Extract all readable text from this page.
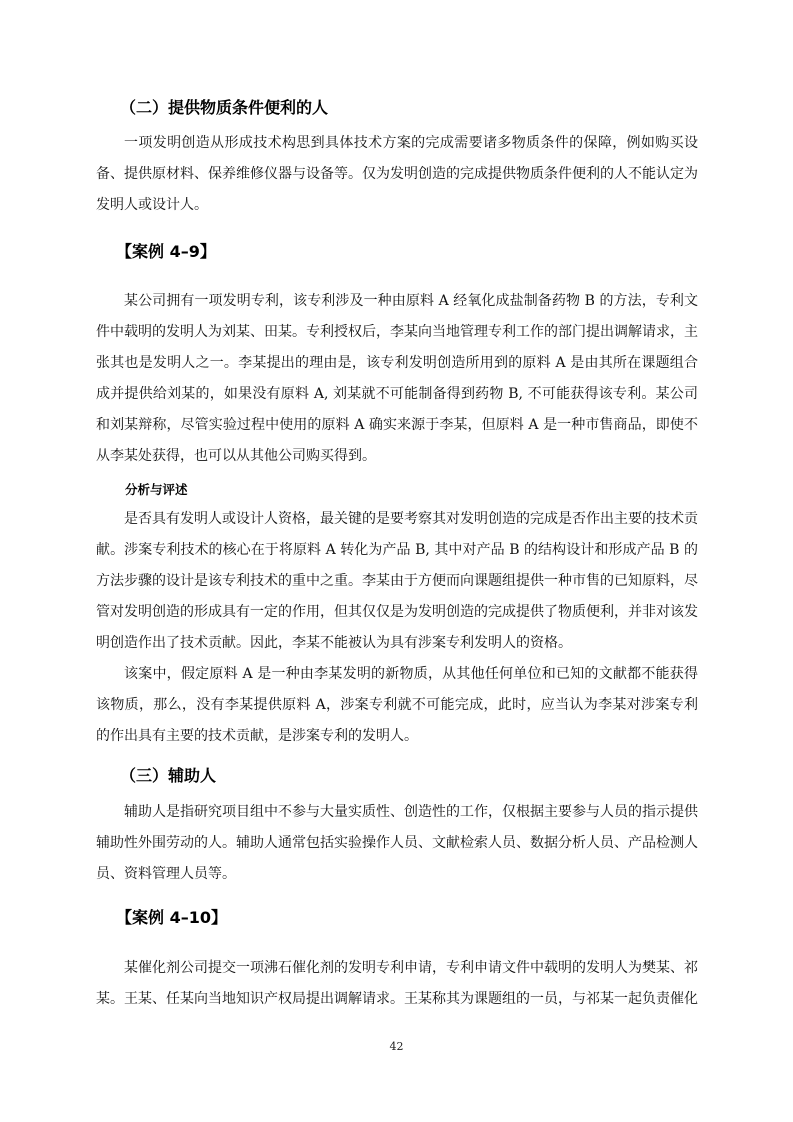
（二）提供物质条件便利的人
一项发明创造从形成技术构思到具体技术方案的完成需要诸多物质条件的保障，例如购买设备、提供原材料、保养维修仪器与设备等。仅为发明创造的完成提供物质条件便利的人不能认定为发明人或设计人。
【案例 4–9】
某公司拥有一项发明专利，该专利涉及一种由原料 A 经氧化成盐制备药物 B 的方法，专利文件中载明的发明人为刘某、田某。专利授权后，李某向当地管理专利工作的部门提出调解请求，主张其也是发明人之一。李某提出的理由是，该专利发明创造所用到的原料 A 是由其所在课题组合成并提供给刘某的，如果没有原料 A, 刘某就不可能制备得到药物 B, 不可能获得该专利。某公司和刘某辩称，尽管实验过程中使用的原料 A 确实来源于李某，但原料 A 是一种市售商品，即使不从李某处获得，也可以从其他公司购买得到。
分析与评述
是否具有发明人或设计人资格，最关键的是要考察其对发明创造的完成是否作出主要的技术贡献。涉案专利技术的核心在于将原料 A 转化为产品 B, 其中对产品 B 的结构设计和形成产品 B 的方法步骤的设计是该专利技术的重中之重。李某由于方便而向课题组提供一种市售的已知原料，尽管对发明创造的形成具有一定的作用，但其仅仅是为发明创造的完成提供了物质便利，并非对该发明创造作出了技术贡献。因此，李某不能被认为具有涉案专利发明人的资格。
该案中，假定原料 A 是一种由李某发明的新物质，从其他任何单位和已知的文献都不能获得该物质，那么，没有李某提供原料 A，涉案专利就不可能完成，此时，应当认为李某对涉案专利的作出具有主要的技术贡献，是涉案专利的发明人。
（三）辅助人
辅助人是指研究项目组中不参与大量实质性、创造性的工作，仅根据主要参与人员的指示提供辅助性外围劳动的人。辅助人通常包括实验操作人员、文献检索人员、数据分析人员、产品检测人员、资料管理人员等。
【案例 4–10】
某催化剂公司提交一项沸石催化剂的发明专利申请，专利申请文件中载明的发明人为樊某、祁某。王某、任某向当地知识产权局提出调解请求。王某称其为课题组的一员，与祁某一起负责催化
42
